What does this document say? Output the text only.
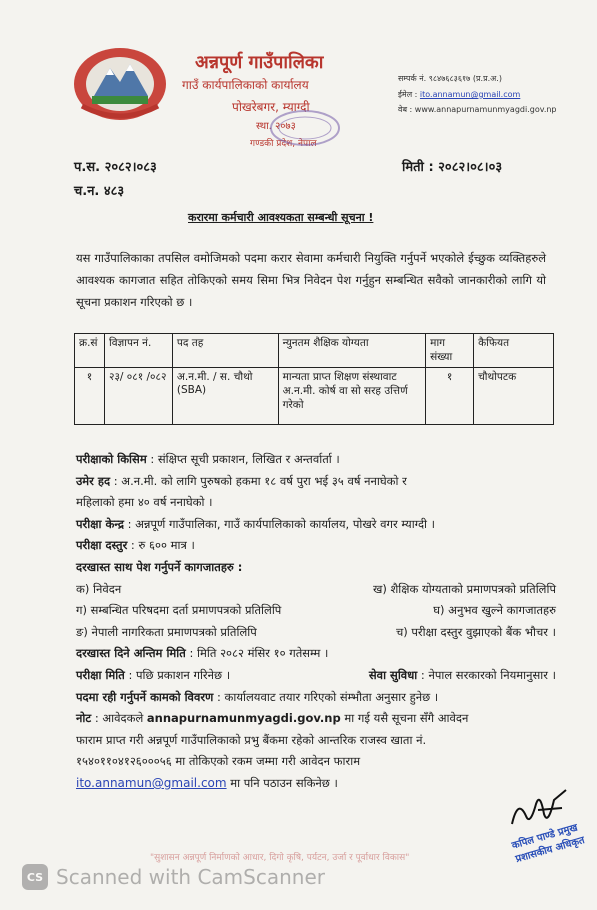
अन्नपूर्ण गाउँपालिका
गाउँ कार्यपालिकाको कार्यालय
पोखरेबगर, म्याग्दी
स्था. २०७३
गण्डकी प्रदेश, नेपाल
सम्पर्क नं. ९८४७६८३६१७ (प्र.प्र.अ.)
ईमेल : ito.annamun@gmail.com
वेब : www.annapurnamunmyagdi.gov.np
प.स. २०८२।०८३
च.न. ४८३
मिती : २०८२।०८।०३
करारमा कर्मचारी आवश्यकता सम्बन्धी सूचना !
यस गाउँपालिकाका तपसिल वमोजिमको पदमा करार सेवामा कर्मचारी नियुक्ति गर्नुपर्ने भएकोले ईच्छुक व्यक्तिहरुले आवश्यक कागजात सहित तोकिएको समय सिमा भित्र निवेदन पेश गर्नुहुन सम्बन्धित सवैको जानकारीको लागि यो सूचना प्रकाशन गरिएको छ ।
क्र.सं	विज्ञापन नं.	पद तह	न्युनतम शैक्षिक योग्यता	माग संख्या	कैफियत
१	२३/ ०८१ /०८२	अ.न.मी. / स. चौथो (SBA)	मान्यता प्राप्त शिक्षण संस्थावाट अ.न.मी. कोर्ष वा सो सरह उत्तिर्ण गरेको	१	चौथोपटक
परीक्षाको किसिम : संक्षिप्त सूची प्रकाशन, लिखित र अन्तर्वार्ता ।
उमेर हद : अ.न.मी. को लागि पुरुषको हकमा १८ वर्ष पुरा भई ३५ वर्ष ननाघेको र
महिलाको हमा ४० वर्ष ननाघेको ।
परीक्षा केन्द्र : अन्नपूर्ण गाउँपालिका, गाउँ कार्यपालिकाको कार्यालय, पोखरे वगर म्याग्दी ।
परीक्षा दस्तुर : रु ६०० मात्र ।
दरखास्त साथ पेश गर्नुपर्ने कागजातहरु :
क) निवेदन	ख) शैक्षिक योग्यताको प्रमाणपत्रको प्रतिलिपि
ग) सम्बन्धित परिषदमा दर्ता प्रमाणपत्रको प्रतिलिपि	घ) अनुभव खुल्ने कागजातहरु
ङ) नेपाली नागरिकता प्रमाणपत्रको प्रतिलिपि	च) परीक्षा दस्तुर वुझाएको बैंक भौचर ।
दरखास्त दिने अन्तिम मिति : मिति २०८२ मंसिर १० गतेसम्म ।
परीक्षा मिति : पछि प्रकाशन गरिनेछ ।	सेवा सुविधा : नेपाल सरकारको नियमानुसार ।
पदमा रही गर्नुपर्ने कामको विवरण : कार्यालयवाट तयार गरिएको संम्भौता अनुसार हुनेछ ।
नोट : आवेदकले annapurnamunmyagdi.gov.np मा गई यसै सूचना सँगै आवेदन
फाराम प्राप्त गरी अन्नपूर्ण गाउँपालिकाको प्रभु बैंकमा रहेको आन्तरिक राजस्व खाता नं.
१५४०११०४१२६०००५६ मा तोकिएको रकम जम्मा गरी आवेदन फाराम
ito.annamun@gmail.com मा पनि पठाउन सकिनेछ ।
कपिल पाण्डे प्रमुख प्रशासकीय अधिकृत
"सुशासन अन्नपूर्ण निर्माणको आधार, दिगो कृषि, पर्यटन, उर्जा र पूर्वाधार विकास"
CS Scanned with CamScanner
